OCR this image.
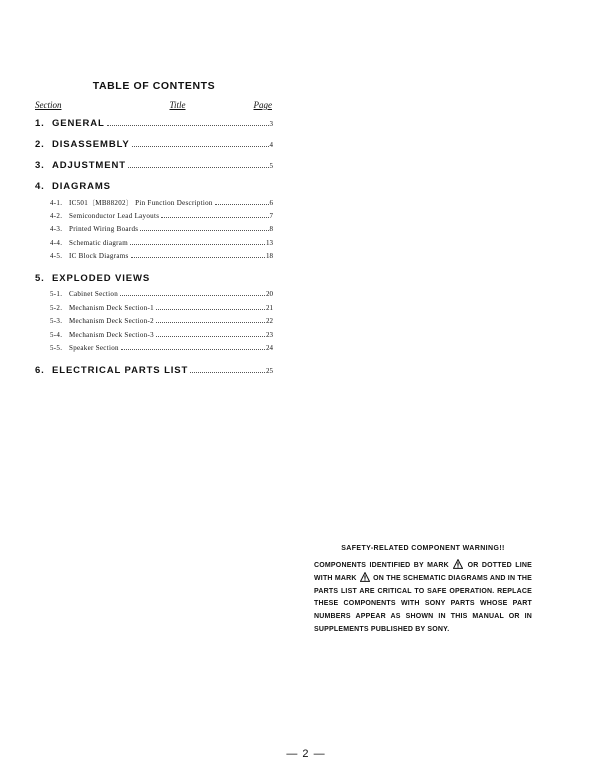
TABLE OF CONTENTS
Section	Title	Page
1. GENERAL	3
2. DISASSEMBLY	4
3. ADJUSTMENT	5
4. DIAGRAMS
4-1. IC501〔MB88202〕 Pin Function Description	6
4-2. Semiconductor Lead Layouts	7
4-3. Printed Wiring Boards	8
4-4. Schematic diagram	13
4-5. IC Block Diagrams	18
5. EXPLODED VIEWS
5-1. Cabinet Section	20
5-2. Mechanism Deck Section-1	21
5-3. Mechanism Deck Section-2	22
5-4. Mechanism Deck Section-3	23
5-5. Speaker Section	24
6. ELECTRICAL PARTS LIST	25
SAFETY-RELATED COMPONENT WARNING!!

COMPONENTS IDENTIFIED BY MARK	OR DOTTED LINE WITH MARK ON THE SCHEMATIC DIAGRAMS AND IN THE PARTS LIST ARE CRITICAL TO SAFE OPERATION. REPLACE THESE COMPONENTS WITH SONY PARTS WHOSE PART NUMBERS APPEAR AS SHOWN IN THIS MANUAL OR IN SUPPLEMENTS PUBLISHED BY SONY.

— 2 —
